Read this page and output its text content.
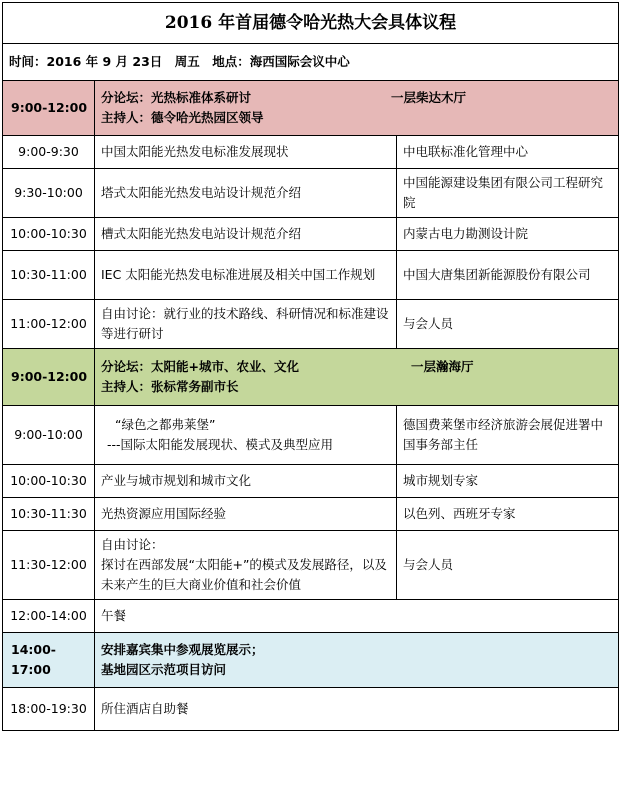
2016 年首届德令哈光热大会具体议程		
时间：2016 年 9 月 23日　周五　地点：海西国际会议中心		
9:00-12:00	分论坛：光热标准体系研讨 一层柴达木厅
主持人：德令哈光热园区领导	

9:00-9:30	中国太阳能光热发电标准发展现状	中电联标准化管理中心
9:30-10:00	塔式太阳能光热发电站设计规范介绍	中国能源建设集团有限公司工程研究院
10:00-10:30	槽式太阳能光热发电站设计规范介绍	内蒙古电力勘测设计院
10:30-11:00	IEC 太阳能光热发电标准进展及相关中国工作规划	中国大唐集团新能源股份有限公司
11:00-12:00	自由讨论：就行业的技术路线、科研情况和标准建设等进行研讨	与会人员
9:00-12:00	分论坛：太阳能+城市、农业、文化 一层瀚海厅
主持人：张标常务副市长	

9:00-10:00	“绿色之都弗莱堡”
---国际太阳能发展现状、模式及典型应用	德国费莱堡市经济旅游会展促进署中国事务部主任
10:00-10:30	产业与城市规划和城市文化	城市规划专家
10:30-11:30	光热资源应用国际经验	以色列、西班牙专家
11:30-12:00	自由讨论：
探讨在西部发展“太阳能+”的模式及发展路径，以及未来产生的巨大商业价值和社会价值	与会人员
12:00-14:00	午餐	
14:00-17:00	安排嘉宾集中参观展览展示；
基地园区示范项目访问	

18:00-19:30	所住酒店自助餐	
